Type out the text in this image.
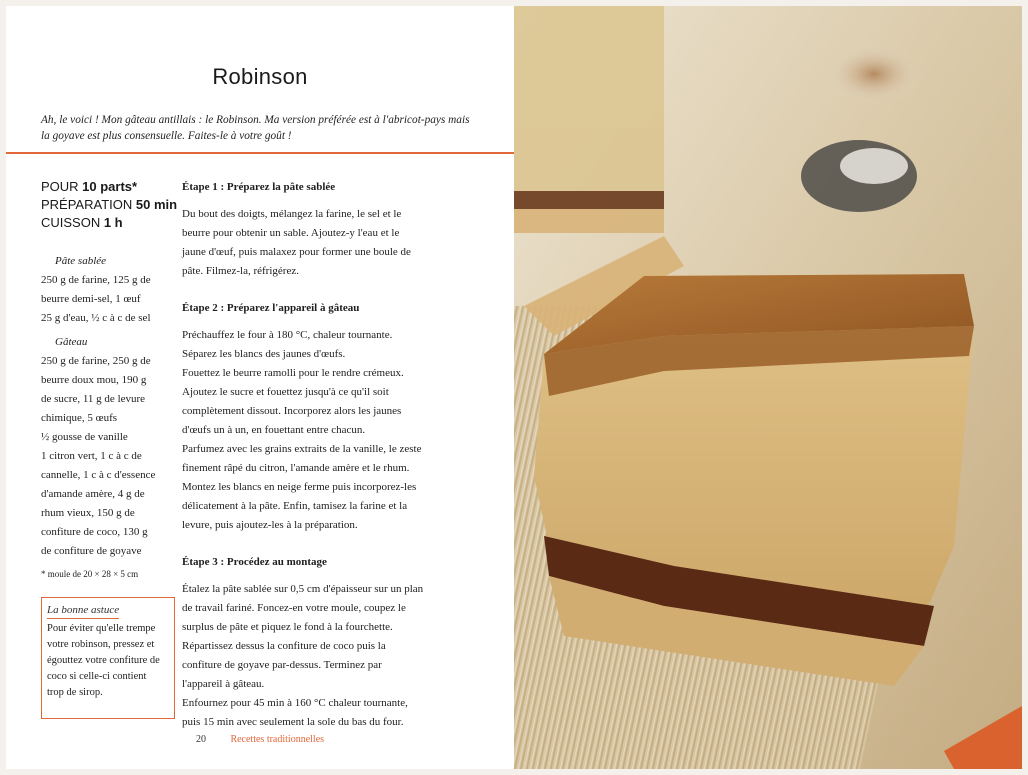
Robinson

Ah, le voici ! Mon gâteau antillais : le Robinson. Ma version préférée est à l'abricot-pays mais la goyave est plus consensuelle. Faites-le à votre goût !

POUR 10 parts*
PRÉPARATION 50 min
CUISSON 1 h
Pâte sablée
250 g de farine, 125 g de
beurre demi-sel, 1 œuf
25 g d'eau, ½ c à c de sel
Gâteau
250 g de farine, 250 g de
beurre doux mou, 190 g
de sucre, 11 g de levure
chimique, 5 œufs
½ gousse de vanille
1 citron vert, 1 c à c de
cannelle, 1 c à c d'essence
d'amande amère, 4 g de
rhum vieux, 150 g de
confiture de coco, 130 g
de confiture de goyave
* moule de 20 × 28 × 5 cm
La bonne astuce
Pour éviter qu'elle trempe
votre robinson, pressez et
égouttez votre confiture de
coco si celle-ci contient
trop de sirop.
Étape 1 : Préparez la pâte sablée
Du bout des doigts, mélangez la farine, le sel et le
beurre pour obtenir un sable. Ajoutez-y l'eau et le
jaune d'œuf, puis malaxez pour former une boule de
pâte. Filmez-la, réfrigérez.
Étape 2 : Préparez l'appareil à gâteau
Préchauffez le four à 180 °C, chaleur tournante.
Séparez les blancs des jaunes d'œufs.
Fouettez le beurre ramolli pour le rendre crémeux.
Ajoutez le sucre et fouettez jusqu'à ce qu'il soit
complètement dissout. Incorporez alors les jaunes
d'œufs un à un, en fouettant entre chacun.
Parfumez avec les grains extraits de la vanille, le zeste
finement râpé du citron, l'amande amère et le rhum.
Montez les blancs en neige ferme puis incorporez-les
délicatement à la pâte. Enfin, tamisez la farine et la
levure, puis ajoutez-les à la préparation.
Étape 3 : Procédez au montage
Étalez la pâte sablée sur 0,5 cm d'épaisseur sur un plan
de travail fariné. Foncez-en votre moule, coupez le
surplus de pâte et piquez le fond à la fourchette.
Répartissez dessus la confiture de coco puis la
confiture de goyave par-dessus. Terminez par
l'appareil à gâteau.
Enfournez pour 45 min à 160 °C chaleur tournante,
puis 15 min avec seulement la sole du bas du four.
20 Recettes traditionnelles
